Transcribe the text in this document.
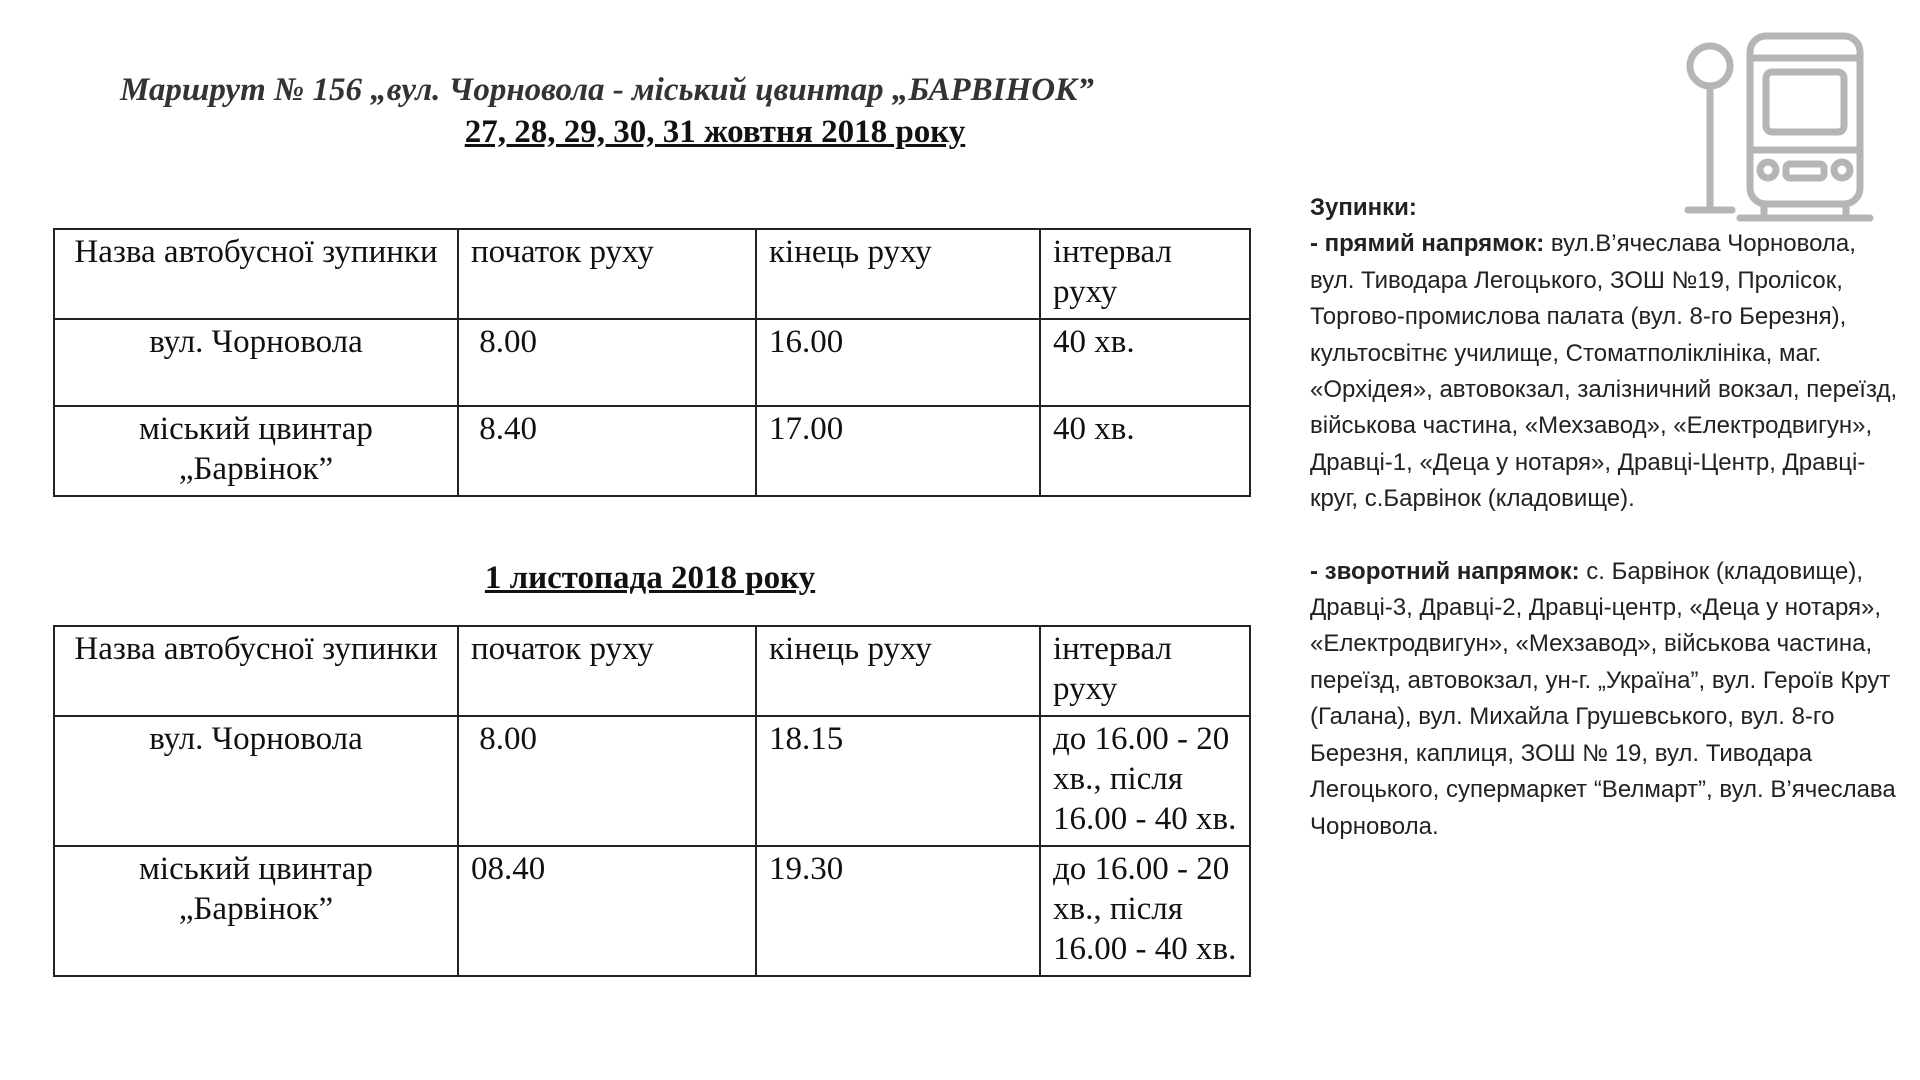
Маршрут № 156 „вул. Чорновола - міський цвинтар „БАРВІНОК”
27, 28, 29, 30, 31 жовтня 2018 року
Назва автобусної зупинки	початок руху	кінець руху	інтервал руху
вул. Чорновола	8.00	16.00	40 хв.
міський цвинтар „Барвінок”	8.40	17.00	40 хв.
1 листопада 2018 року
Назва автобусної зупинки	початок руху	кінець руху	інтервал руху
вул. Чорновола	8.00	18.15	до 16.00 - 20 хв., після 16.00 - 40 хв.
міський цвинтар „Барвінок”	08.40	19.30	до 16.00 - 20 хв., після 16.00 - 40 хв.

Зупинки:

- прямий напрямок: вул.В’ячеслава Чорновола, вул. Тиводара Легоцького, ЗОШ №19, Пролісок, Торгово-промислова палата (вул. 8-го Березня), культосвітнє училище, Стоматполіклініка, маг. «Орхідея», автовокзал, залізничний вокзал, переїзд, військова частина, «Мехзавод», «Електродвигун», Дравці-1, «Деца у нотаря», Дравці-Центр, Дравці-круг, с.Барвінок (кладовище).

- зворотний напрямок: с. Барвінок (кладовище), Дравці-3, Дравці-2, Дравці-центр, «Деца у нотаря», «Електродвигун», «Мехзавод», військова частина, переїзд, автовокзал, ун-г. „Україна”, вул. Героїв Крут (Галана), вул. Михайла Грушевського, вул. 8-го Березня, каплиця, ЗОШ № 19, вул. Тиводара Легоцького, супермаркет “Велмарт”, вул. В’ячеслава Чорновола.
